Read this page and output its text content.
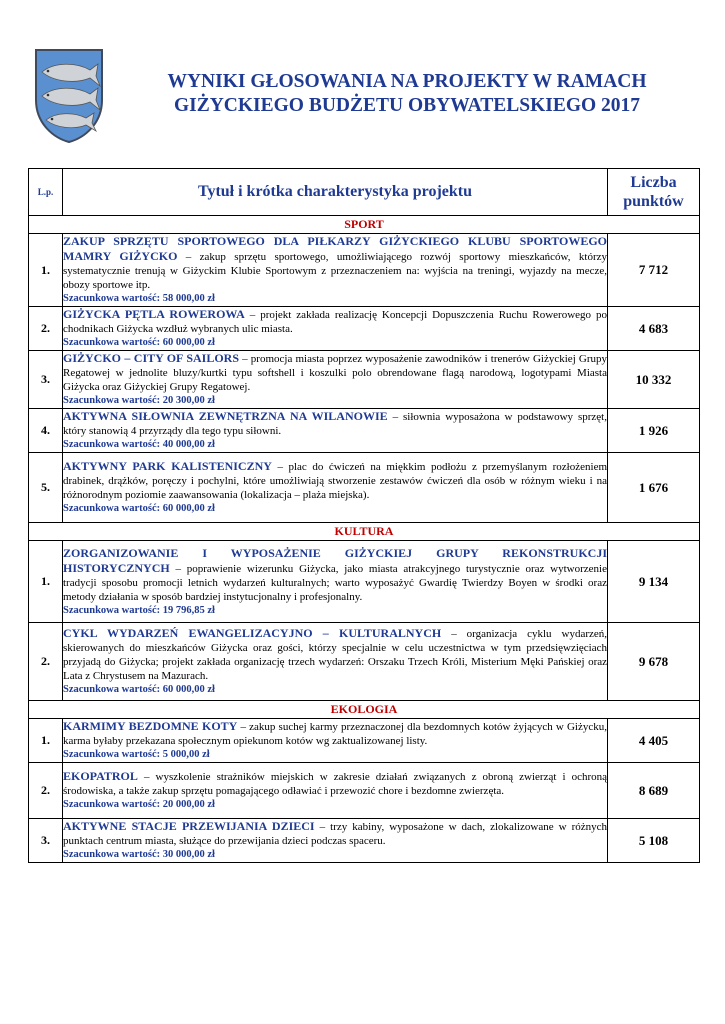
WYNIKI GŁOSOWANIA NA PROJEKTY W RAMACH
GIŻYCKIEGO BUDŻETU OBYWATELSKIEGO 2017
L.p.	Tytuł i krótka charakterystyka projektu	Liczba
punktów
SPORT		
1.	ZAKUP SPRZĘTU SPORTOWEGO DLA PIŁKARZY GIŻYCKIEGO KLUBU SPORTOWEGO MAMRY GIŻYCKO – zakup sprzętu sportowego, umożliwiającego rozwój sportowy mieszkańców, którzy systematycznie trenują w Giżyckim Klubie Sportowym z przeznaczeniem na: wyjścia na treningi, wyjazdy na mecze, obozy sportowe itp.
Szacunkowa wartość: 58 000,00 zł	7 712
2.	GIŻYCKA PĘTLA ROWEROWA – projekt zakłada realizację Koncepcji Dopuszczenia Ruchu Rowerowego po chodnikach Giżycka wzdłuż wybranych ulic miasta.
Szacunkowa wartość: 60 000,00 zł	4 683
3.	GIŻYCKO – CITY OF SAILORS – promocja miasta poprzez wyposażenie zawodników i trenerów Giżyckiej Grupy Regatowej w jednolite bluzy/kurtki typu softshell i koszulki polo obrendowane flagą narodową, logotypami Miasta Giżycka oraz Giżyckiej Grupy Regatowej.
Szacunkowa wartość: 20 300,00 zł	10 332
4.	AKTYWNA SIŁOWNIA ZEWNĘTRZNA NA WILANOWIE – siłownia wyposażona w podstawowy sprzęt, który stanowią 4 przyrządy dla tego typu siłowni.
Szacunkowa wartość: 40 000,00 zł	1 926
5.	AKTYWNY PARK KALISTENICZNY – plac do ćwiczeń na miękkim podłożu z przemyślanym rozłożeniem drabinek, drążków, poręczy i pochylni, które umożliwiają stworzenie zestawów ćwiczeń dla osób w różnym wieku i na różnorodnym poziomie zaawansowania (lokalizacja – plaża miejska).
Szacunkowa wartość: 60 000,00 zł	1 676
KULTURA		
1.	ZORGANIZOWANIE I WYPOSAŻENIE GIŻYCKIEJ GRUPY REKONSTRUKCJI HISTORYCZNYCH – poprawienie wizerunku Giżycka, jako miasta atrakcyjnego turystycznie oraz wytworzenie tradycji sposobu promocji letnich wydarzeń kulturalnych; warto wyposażyć Gwardię Twierdzy Boyen w środki oraz metody działania w sposób bardziej instytucjonalny i profesjonalny.
Szacunkowa wartość: 19 796,85 zł	9 134
2.	CYKL WYDARZEŃ EWANGELIZACYJNO – KULTURALNYCH – organizacja cyklu wydarzeń, skierowanych do mieszkańców Giżycka oraz gości, którzy specjalnie w celu uczestnictwa w tym przedsięwzięciach przyjadą do Giżycka; projekt zakłada organizację trzech wydarzeń: Orszaku Trzech Króli, Misterium Męki Pańskiej oraz Lata z Chrystusem na Mazurach.
Szacunkowa wartość: 60 000,00 zł	9 678
EKOLOGIA		
1.	KARMIMY BEZDOMNE KOTY – zakup suchej karmy przeznaczonej dla bezdomnych kotów żyjących w Giżycku, karma byłaby przekazana społecznym opiekunom kotów wg zaktualizowanej listy.
Szacunkowa wartość: 5 000,00 zł	4 405
2.	EKOPATROL – wyszkolenie strażników miejskich w zakresie działań związanych z obroną zwierząt i ochroną środowiska, a także zakup sprzętu pomagającego odławiać i przewozić chore i bezdomne zwierzęta.
Szacunkowa wartość: 20 000,00 zł	8 689
3.	AKTYWNE STACJE PRZEWIJANIA DZIECI – trzy kabiny, wyposażone w dach, zlokalizowane w różnych punktach centrum miasta, służące do przewijania dzieci podczas spaceru.
Szacunkowa wartość: 30 000,00 zł	5 108
